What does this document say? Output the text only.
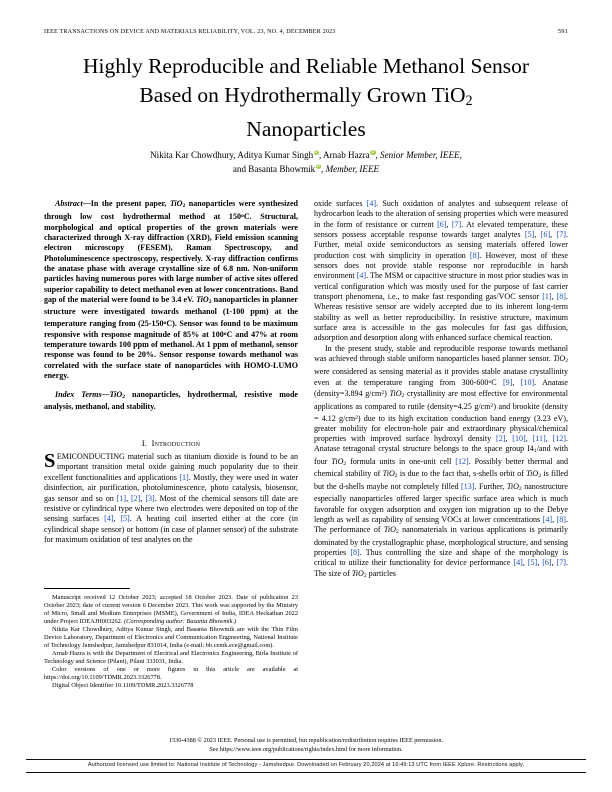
IEEE TRANSACTIONS ON DEVICE AND MATERIALS RELIABILITY, VOL. 23, NO. 4, DECEMBER 2023	591
Highly Reproducible and Reliable Methanol Sensor
Based on Hydrothermally Grown TiO$_2$
Nanoparticles
Nikita Kar Chowdhury, Aditya Kumar Singh D , Arnab Hazra D , Senior Member, IEEE,
and Basanta Bhowmik D , Member, IEEE

Abstract—In the present paper, TiO$_2$ nanoparticles were synthesized through low cost hydrothermal method at 150$^o$C. Structural, morphological and optical properties of the grown materials were characterized through X-ray diffraction (XRD), Field emission scanning electron microscopy (FESEM), Raman Spectroscopy, and Photoluminescence spectroscopy, respectively. X-ray diffraction confirms the anatase phase with average crystalline size of 6.8 nm. Non-uniform particles having numerous pores with large number of active sites offered superior capability to detect methanol even at lower concentrations. Band gap of the material were found to be 3.4 eV. TiO$_2$ nanoparticles in planner structure were investigated towards methanol (1-100 ppm) at the temperature ranging from (25-150$^o$C). Sensor was found to be maximum responsive with response magnitude of 85% at 100$^o$C and 47% at room temperature towards 100 ppm of methanol. At 1 ppm of methanol, sensor response was found to be 20%. Sensor response towards methanol was correlated with the surface state of nanoparticles with HOMO-LUMO energy.

Index Terms—TiO$_2$ nanoparticles, hydrothermal, resistive mode analysis, methanol, and stability.

I. Introduction

SEMICONDUCTING material such as titanium dioxide is found to be an important transition metal oxide gaining much popularity due to their excellent functionalities and applications [1]. Mostly, they were used in water disinfection, air purification, photoluminescence, photo catalysis, biosensor, gas sensor and so on [1], [2], [3]. Most of the chemical sensors till date are resistive or cylindrical type where two electrodes were deposited on top of the sensing surfaces [4], [5]. A heating coil inserted either at the core (in cylindrical shape sensor) or bottom (in case of planner sensor) of the substrate for maximum oxidation of test analytes on the

oxide surfaces [4]. Such oxidation of analytes and subsequent release of hydrocarbon leads to the alteration of sensing properties which were measured in the form of resistance or current [6], [7]. At elevated temperature, these sensors possess acceptable response towards target analytes [5], [6], [7]. Further, metal oxide semiconductors as sensing materials offered lower production cost with simplicity in operation [8]. However, most of these sensors does not provide stable response nor reproducible in harsh environment [4]. The MSM or capacitive structure in most prior studies was in vertical configuration which was mostly used for the purpose of fast carrier transport phenomena, i.e., to make fast responding gas/VOC sensor [1], [8]. Whereas resistive sensor are widely accepted due to its inherent long-term stability as well as better reproducibility. In resistive structure, maximum surface area is accessible to the gas molecules for fast gas diffusion, adsorption and desorption along with enhanced surface chemical reaction.

In the present study, stable and reproducible response towards methanol was achieved through stable uniform nanoparticles based planner sensor. TiO$_2$ were considered as sensing material as it provides stable anatase crystallinity even at the temperature ranging from 300-600$^o$C [9], [10]. Anatase (density=3.894 $g/cm^2$) TiO$_2$ crystallinity are most effective for environmental applications as compared to rutile (density=4.25 $g/cm^2$) and brookite (density = 4.12 $g/cm^2$) due to its high excitation conduction band energy (3.23 eV), greater mobility for electron-hole pair and extraordinary physical/chemical properties with improved surface hydroxyl density [2], [10], [11], [12]. Anatase tetragonal crystal structure belongs to the space group $I4_1$/and with four TiO$_2$ formula units in one-unit cell [12]. Possibly better thermal and chemical stability of TiO$_2$ is due to the fact that, s-shells orbit of TiO$_2$ is filled but the d-shells maybe not completely filled [13]. Further, TiO$_2$ nanostructure especially nanoparticles offered larger specific surface area which is much favorable for oxygen adsorption and oxygen ion migration up to the Debye length as well as capability of sensing VOCs at lower concentrations [4], [8]. The performance of TiO$_2$ nanomaterials in various applications is primarily dominated by the crystallographic phase, morphological structure, and sensing properties [8]. Thus controlling the size and shape of the morphology is critical to utilize their functionality for device performance [4], [5], [6], [7]. The size of TiO$_2$ particles

Manuscript received 12 October 2023; accepted 18 October 2023. Date of publication 23 October 2023; date of current version 6 December 2023. This work was supported by the Ministry of Micro, Small and Medium Enterprises (MSME), Government of India, IDEA Heckathan 2022 under Project IDEAJH003262. (Corresponding author: Basanta Bhowmik.)

Nikita Kar Chowdhury, Aditya Kumar Singh, and Basanta Bhowmik are with the Thin Film Device Laboratory, Department of Electronics and Communication Engineering, National Institute of Technology Jamshedpur, Jamshedpur 831014, India (e-mail: bb.cemk.ece@gmail.com).

Arnab Hazra is with the Department of Electrical and Electronics Engineering, Birla Institute of Technology and Science (Pilani), Pilani 333031, India.

Color versions of one or more figures in this article are available at https://doi.org/10.1109/TDMR.2023.3326778.

Digital Object Identifier 10.1109/TDMR.2023.3326778

1530-4388 © 2023 IEEE. Personal use is permitted, but republication/redistribution requires IEEE permission.
See https://www.ieee.org/publications/rights/index.html for more information.
Authorized licensed use limited to: National Institute of Technology - Jamshedpur. Downloaded on February 20,2024 at 16:49:13 UTC from IEEE Xplore. Restrictions apply.
